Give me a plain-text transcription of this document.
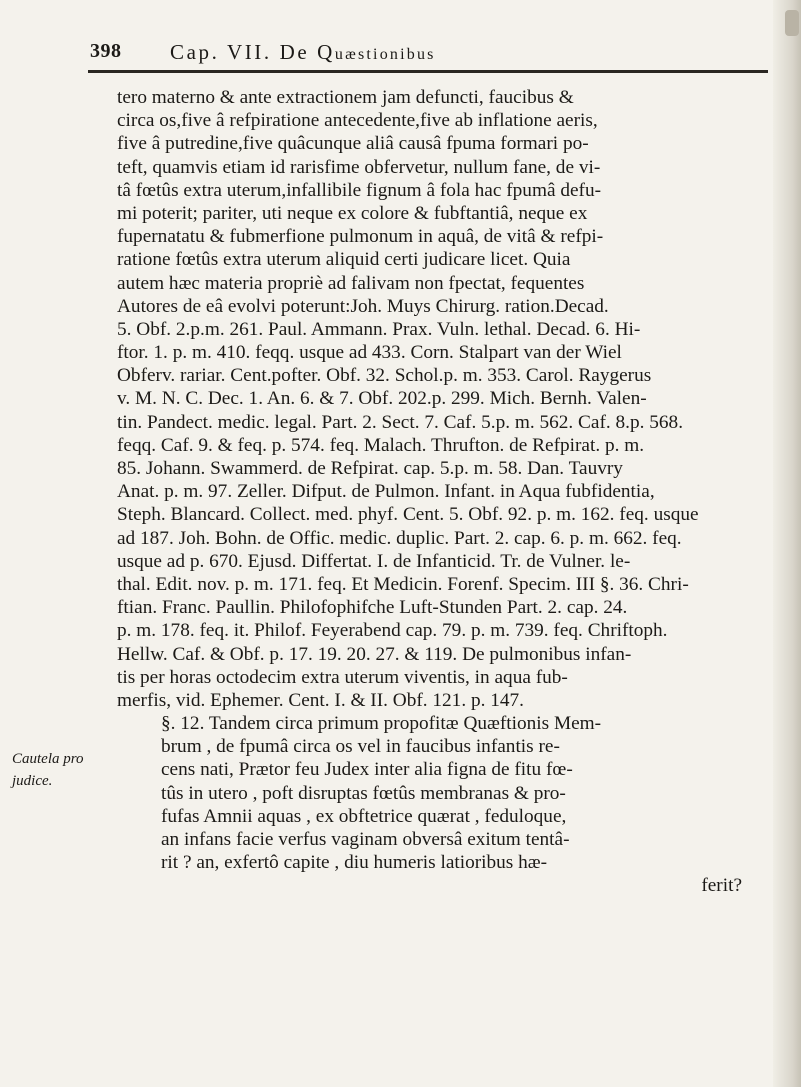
398 Cap. VII. De Quæstionibus
Cautela pro
judice.
tero materno & ante extractionem jam defuncti, faucibus &
circa os,five â refpiratione antecedente,five ab inflatione aeris,
five â putredine,five quâcunque aliâ causâ fpuma formari po-
teft, quamvis etiam id rarisfime obfervetur, nullum fane, de vi-
tâ fœtûs extra uterum,infallibile fignum â fola hac fpumâ defu-
mi poterit; pariter, uti neque ex colore & fubftantiâ, neque ex
fupernatatu & fubmerfione pulmonum in aquâ, de vitâ & refpi-
ratione fœtûs extra uterum aliquid certi judicare licet. Quia
autem hæc materia propriè ad falivam non fpectat, fequentes
Autores de eâ evolvi poterunt:Joh. Muys Chirurg. ration.Decad.
5. Obf. 2.p.m. 261. Paul. Ammann. Prax. Vuln. lethal. Decad. 6. Hi-
ftor. 1. p. m. 410. feqq. usque ad 433. Corn. Stalpart van der Wiel
Obferv. rariar. Cent.pofter. Obf. 32. Schol.p. m. 353. Carol. Raygerus
v. M. N. C. Dec. 1. An. 6. & 7. Obf. 202.p. 299. Mich. Bernh. Valen-
tin. Pandect. medic. legal. Part. 2. Sect. 7. Caf. 5.p. m. 562. Caf. 8.p. 568.
feqq. Caf. 9. & feq. p. 574. feq. Malach. Thrufton. de Refpirat. p. m.
85. Johann. Swammerd. de Refpirat. cap. 5.p. m. 58. Dan. Tauvry
Anat. p. m. 97. Zeller. Difput. de Pulmon. Infant. in Aqua fubfidentia,
Steph. Blancard. Collect. med. phyf. Cent. 5. Obf. 92. p. m. 162. feq. usque
ad 187. Joh. Bohn. de Offic. medic. duplic. Part. 2. cap. 6. p. m. 662. feq.
usque ad p. 670. Ejusd. Differtat. I. de Infanticid. Tr. de Vulner. le-
thal. Edit. nov. p. m. 171. feq. Et Medicin. Forenf. Specim. III §. 36. Chri-
ftian. Franc. Paullin. Philofophifche Luft-Stunden Part. 2. cap. 24.
p. m. 178. feq. it. Philof. Feyerabend cap. 79. p. m. 739. feq. Chriftoph.
Hellw. Caf. & Obf. p. 17. 19. 20. 27. & 119. De pulmonibus infan-
tis per horas octodecim extra uterum viventis, in aqua fub-
merfis, vid. Ephemer. Cent. I. & II. Obf. 121. p. 147.
§. 12. Tandem circa primum propofitæ Quæftionis Mem-
brum , de fpumâ circa os vel in faucibus infantis re-
cens nati, Prætor feu Judex inter alia figna de fitu fœ-
tûs in utero , poft disruptas fœtûs membranas & pro-
fufas Amnii aquas , ex obftetrice quærat , feduloque,
an infans facie verfus vaginam obversâ exitum tentâ-
rit ? an, exfertô capite , diu humeris latioribus hæ-
ferit?
